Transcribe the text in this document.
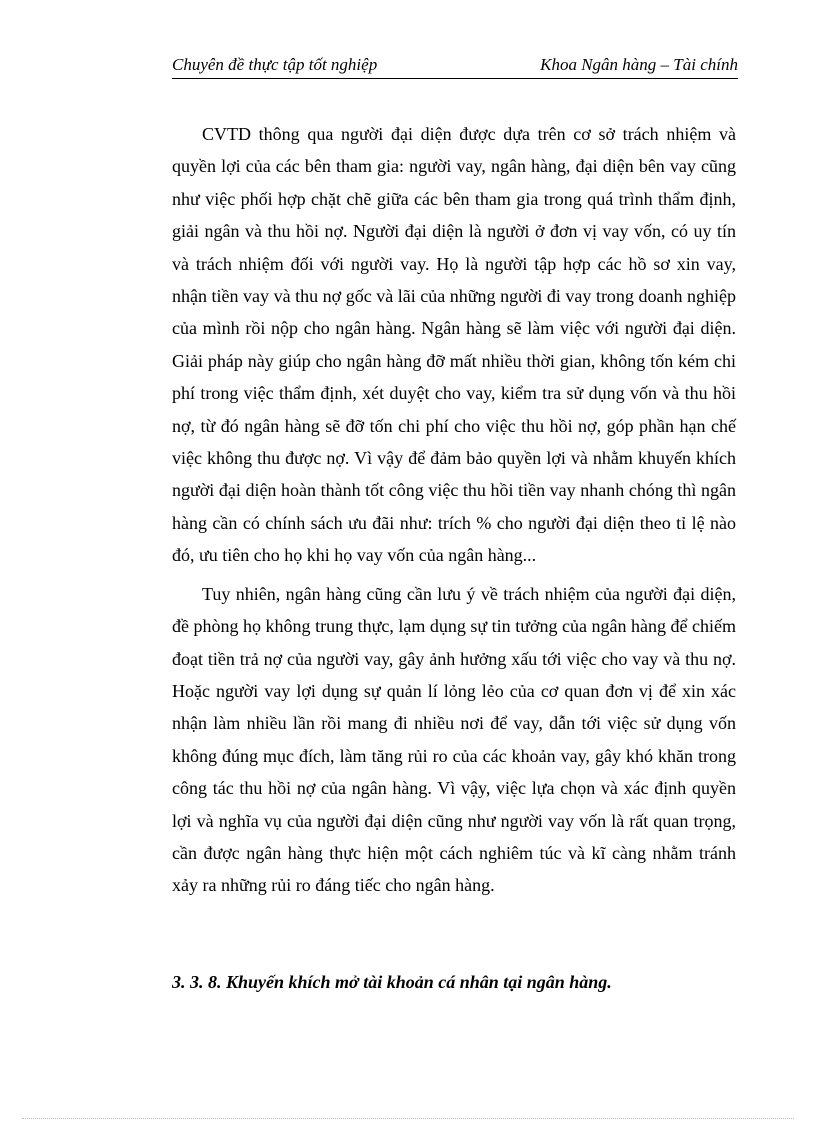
Chuyên đề thực tập tốt nghiệp	Khoa Ngân hàng – Tài chính

CVTD thông qua người đại diện được dựa trên cơ sở trách nhiệm và quyền lợi của các bên tham gia: người vay, ngân hàng, đại diện bên vay cũng như việc phối hợp chặt chẽ giữa các bên tham gia trong quá trình thẩm định, giải ngân và thu hồi nợ. Người đại diện là người ở đơn vị vay vốn, có uy tín và trách nhiệm đối với người vay. Họ là người tập hợp các hồ sơ xin vay, nhận tiền vay và thu nợ gốc và lãi của những người đi vay trong doanh nghiệp của mình rồi nộp cho ngân hàng. Ngân hàng sẽ làm việc với người đại diện. Giải pháp này giúp cho ngân hàng đỡ mất nhiều thời gian, không tốn kém chi phí trong việc thẩm định, xét duyệt cho vay, kiểm tra sử dụng vốn và thu hồi nợ, từ đó ngân hàng sẽ đỡ tốn chi phí cho việc thu hồi nợ, góp phần hạn chế việc không thu được nợ. Vì vậy để đảm bảo quyền lợi và nhằm khuyến khích người đại diện hoàn thành tốt công việc thu hồi tiền vay nhanh chóng thì ngân hàng cần có chính sách ưu đãi như: trích % cho người đại diện theo tỉ lệ nào đó, ưu tiên cho họ khi họ vay vốn của ngân hàng...

Tuy nhiên, ngân hàng cũng cần lưu ý về trách nhiệm của người đại diện, đề phòng họ không trung thực, lạm dụng sự tin tưởng của ngân hàng để chiếm đoạt tiền trả nợ của người vay, gây ảnh hưởng xấu tới việc cho vay và thu nợ. Hoặc người vay lợi dụng sự quản lí lỏng lẻo của cơ quan đơn vị để xin xác nhận làm nhiều lần rồi mang đi nhiều nơi để vay, dẫn tới việc sử dụng vốn không đúng mục đích, làm tăng rủi ro của các khoản vay, gây khó khăn trong công tác thu hồi nợ của ngân hàng. Vì vậy, việc lựa chọn và xác định quyền lợi và nghĩa vụ của người đại diện cũng như người vay vốn là rất quan trọng, cần được ngân hàng thực hiện một cách nghiêm túc và kĩ càng nhằm tránh xảy ra những rủi ro đáng tiếc cho ngân hàng.

3. 3. 8. Khuyến khích mở tài khoản cá nhân tại ngân hàng.
